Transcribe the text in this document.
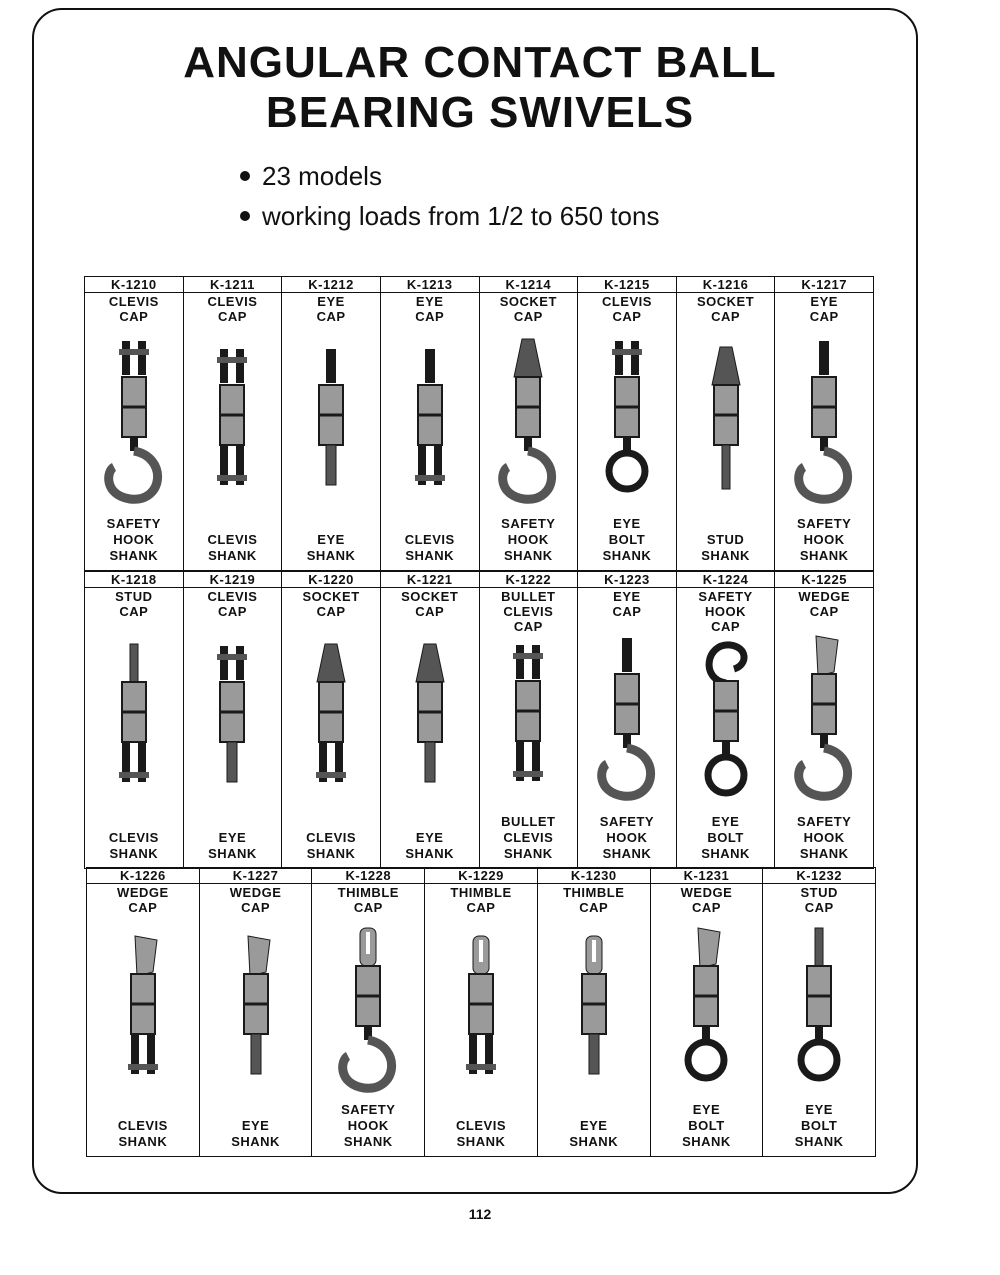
ANGULAR CONTACT BALL
BEARING SWIVELS
23 models
working loads from 1/2 to 650 tons
K-1210
CLEVIS
CAP
SAFETY
HOOK
SHANK
K-1211
CLEVIS
CAP
CLEVIS
SHANK
K-1212
EYE
CAP
EYE
SHANK
K-1213
EYE
CAP
CLEVIS
SHANK
K-1214
SOCKET
CAP
SAFETY
HOOK
SHANK
K-1215
CLEVIS
CAP
EYE
BOLT
SHANK
K-1216
SOCKET
CAP
STUD
SHANK
K-1217
EYE
CAP
SAFETY
HOOK
SHANK
K-1218
STUD
CAP
CLEVIS
SHANK
K-1219
CLEVIS
CAP
EYE
SHANK
K-1220
SOCKET
CAP
CLEVIS
SHANK
K-1221
SOCKET
CAP
EYE
SHANK
K-1222
BULLET
CLEVIS
CAP
BULLET
CLEVIS
SHANK
K-1223
EYE
CAP
SAFETY
HOOK
SHANK
K-1224
SAFETY
HOOK
CAP
EYE
BOLT
SHANK
K-1225
WEDGE
CAP
SAFETY
HOOK
SHANK
K-1226
WEDGE
CAP
CLEVIS
SHANK
K-1227
WEDGE
CAP
EYE
SHANK
K-1228
THIMBLE
CAP
SAFETY
HOOK
SHANK
K-1229
THIMBLE
CAP
CLEVIS
SHANK
K-1230
THIMBLE
CAP
EYE
SHANK
K-1231
WEDGE
CAP
EYE
BOLT
SHANK
K-1232
STUD
CAP
EYE
BOLT
SHANK
112
